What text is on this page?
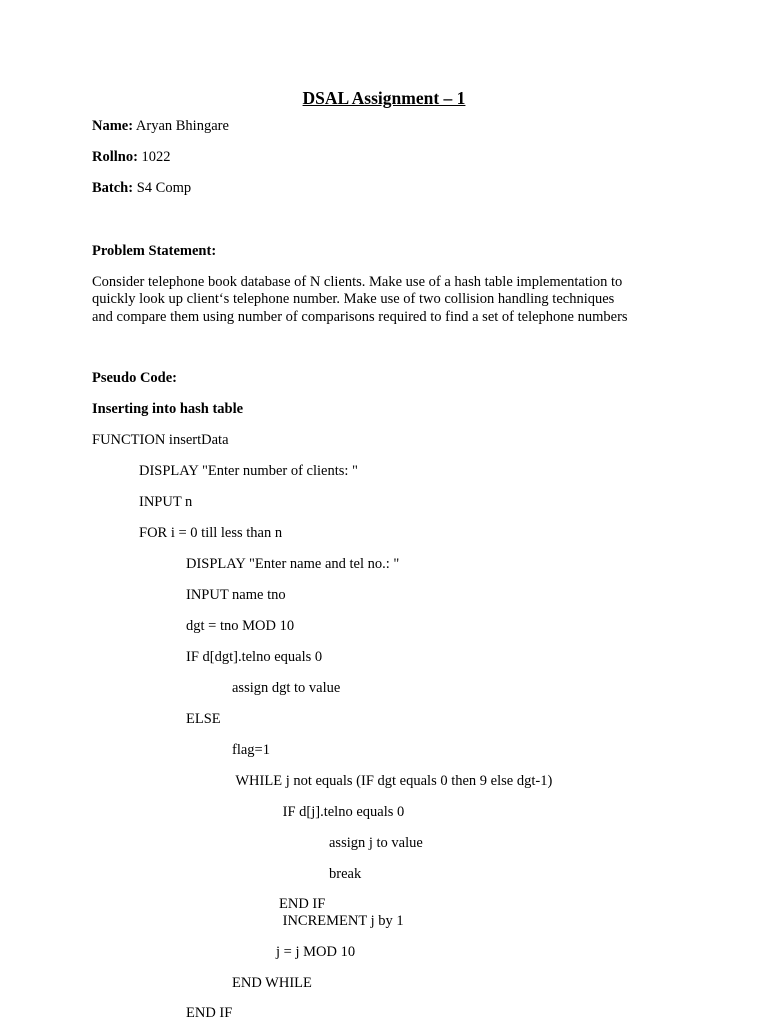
DSAL Assignment – 1
Name: Aryan Bhingare
Rollno: 1022
Batch: S4 Comp
Problem Statement:
Consider telephone book database of N clients. Make use of a hash table implementation to
quickly look up client‘s telephone number. Make use of two collision handling techniques
and compare them using number of comparisons required to find a set of telephone numbers
Pseudo Code:
Inserting into hash table
FUNCTION insertData
DISPLAY "Enter number of clients: "
INPUT n
FOR i = 0 till less than n
DISPLAY "Enter name and tel no.: "
INPUT name tno
dgt = tno MOD 10
IF d[dgt].telno equals 0
assign dgt to value
ELSE
flag=1
WHILE j not equals (IF dgt equals 0 then 9 else dgt-1)
IF d[j].telno equals 0
assign j to value
break
END IF
INCREMENT j by 1
j = j MOD 10
END WHILE
END IF
